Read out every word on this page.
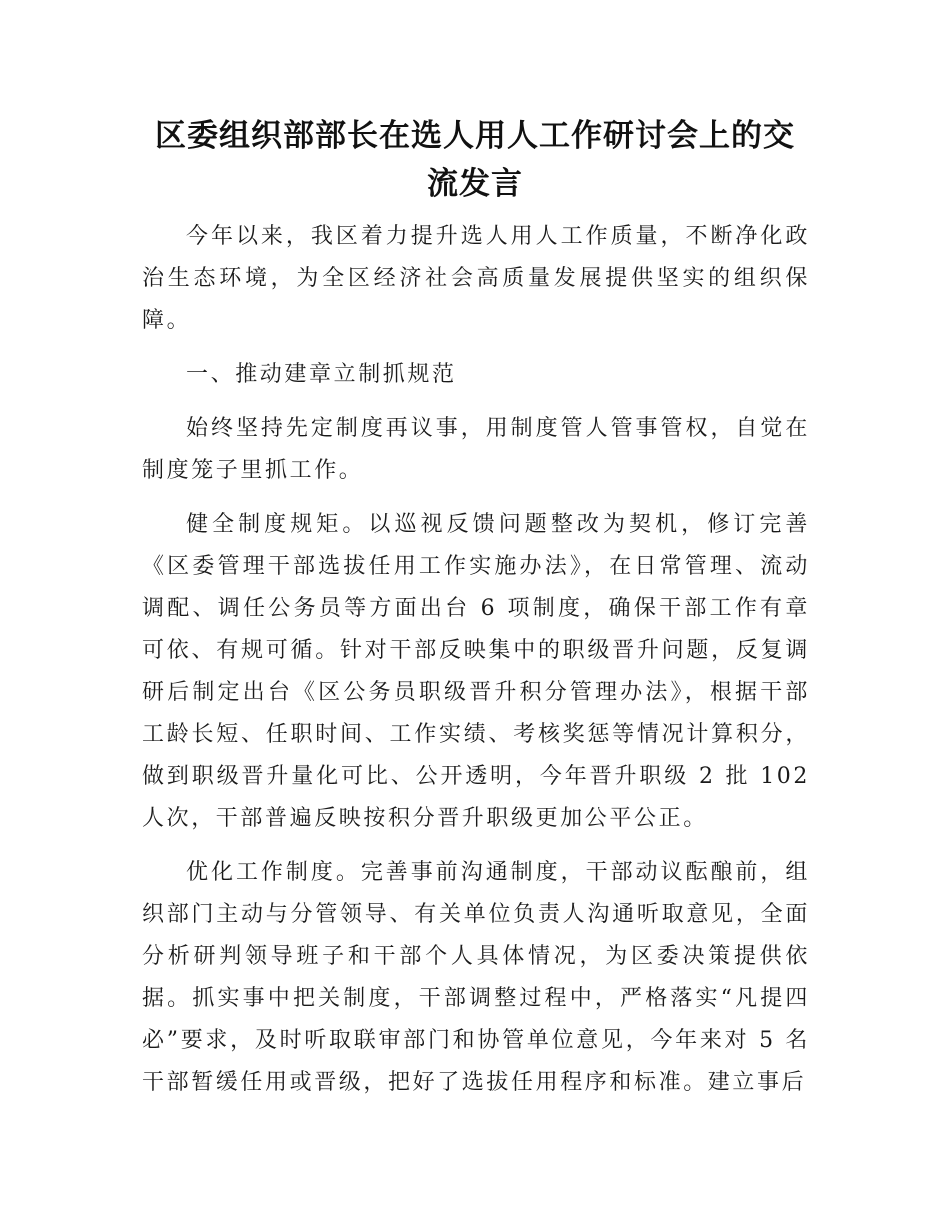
区委组织部部长在选人用人工作研讨会上的交流发言

今年以来，我区着力提升选人用人工作质量，不断净化政治生态环境，为全区经济社会高质量发展提供坚实的组织保障。

一、推动建章立制抓规范

始终坚持先定制度再议事，用制度管人管事管权，自觉在制度笼子里抓工作。

健全制度规矩。以巡视反馈问题整改为契机，修订完善《区委管理干部选拔任用工作实施办法》，在日常管理、流动调配、调任公务员等方面出台 6 项制度，确保干部工作有章可依、有规可循。针对干部反映集中的职级晋升问题，反复调研后制定出台《区公务员职级晋升积分管理办法》，根据干部工龄长短、任职时间、工作实绩、考核奖惩等情况计算积分，做到职级晋升量化可比、公开透明，今年晋升职级 2 批 102 人次，干部普遍反映按积分晋升职级更加公平公正。

优化工作制度。完善事前沟通制度，干部动议酝酿前，组织部门主动与分管领导、有关单位负责人沟通听取意见，全面分析研判领导班子和干部个人具体情况，为区委决策提供依据。抓实事中把关制度，干部调整过程中，严格落实“凡提四必”要求，及时听取联审部门和协管单位意见，今年来对 5 名干部暂缓任用或晋级，把好了选拔任用程序和标准。建立事后
